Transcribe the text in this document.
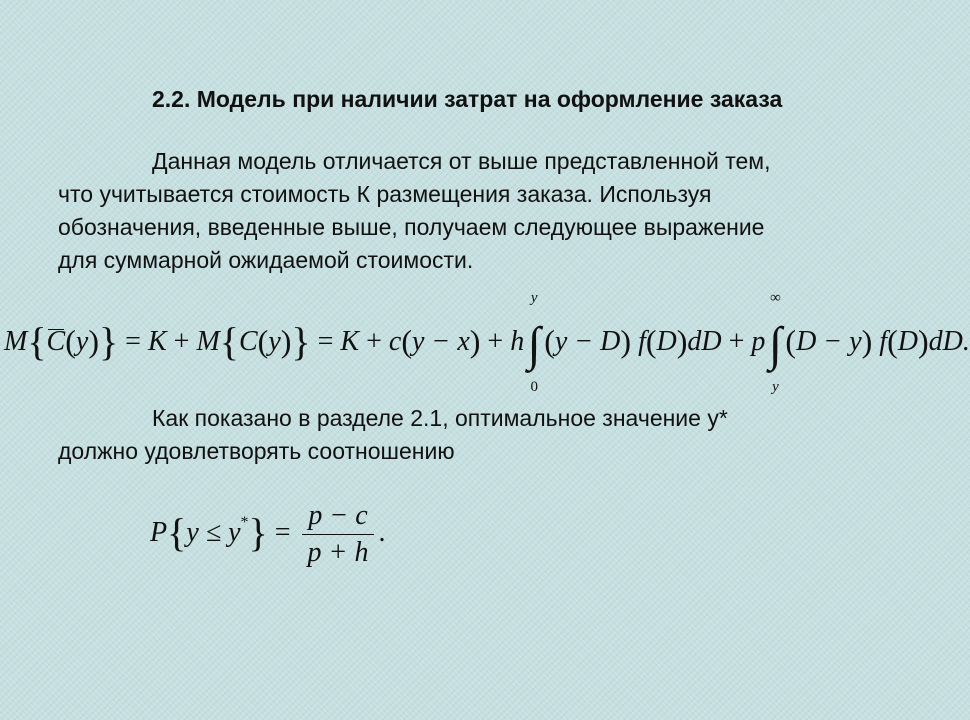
2.2. Модель при наличии затрат на оформление заказа
Данная модель отличается от выше представленной тем,
что учитывается стоимость К размещения заказа. Используя
обозначения, введенные выше, получаем следующее выражение
для суммарной ожидаемой стоимости.
M{C(y)} = K + M{C(y)} = K + c(y − x) + h∫
y
0
(y − D) f(D)dD + p∫
∞
y
(D − y) f(D)dD.
Как показано в разделе 2.1, оптимальное значение y*
должно удовлетворять соотношению
$P\{y \le y^*\} = \frac{p - c}{p + h}$ .
